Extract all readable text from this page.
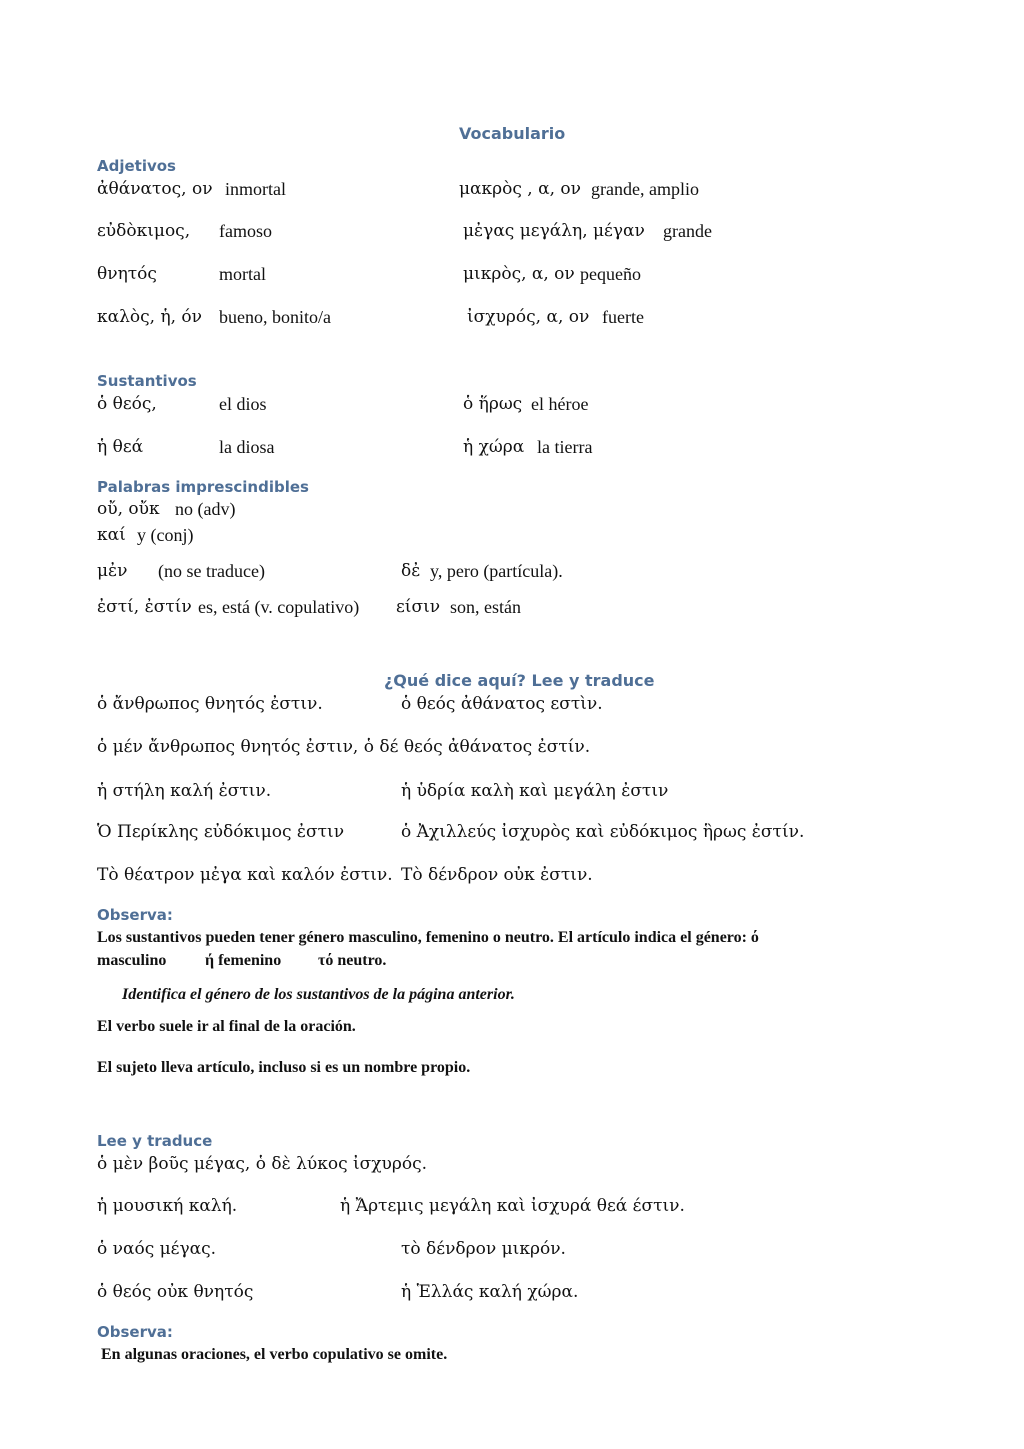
Vocabulario
Adjetivos
ἀθάνατος, ον inmortal	μακρὸς , α, ον grande, amplio
εὐδὸκιμος, famoso	μἐγας μεγάλη, μέγαν grande
θνητός	mortal	μικρὸς, α, ον pequeño
καλὸς, ἡ, όν bueno, bonito/a	ἰσχυρός, α, ον fuerte
Sustantivos
ὁ θεός,	el dios	ὁ ἥρως el héroe
ἡ θεά	la diosa	ἡ χώρα la tierra
Palabras imprescindibles
οὔ, οὔκ no (adv)
καί y (conj)
μἐν (no se traduce)	δἐ y, pero (partícula).
ἐστί, ἐστίν es, está (v. copulativo) είσιν son, están
¿Qué dice aquí? Lee y traduce
ὁ ἄνθρωπος θνητός ἐστιν.	ὁ θεός ἀθάνατος εστὶν.
ὁ μέν ἄνθρωπος θνητός ἐστιν, ὁ δέ θεός ἀθάνατος ἐστίν.
ἡ στήλη καλή ἐστιν.	ἡ ὑδρία καλὴ καὶ μεγάλη ἐστιν
Ὁ Περίκλης εὐδόκιμος ἐστιν	ὁ Ἀχιλλεύς ἰσχυρὸς καὶ εὐδόκιμος ἣρως ἐστίν.
Τὸ θέατρον μἐγα καὶ καλόν ἐστιν. Τὸ δένδρον οὐκ ἐστιν.
Observa:
Los sustantivos pueden tener género masculino, femenino o neutro. El artículo indica el género: ό
masculino ή femenino τό neutro.
Identifica el género de los sustantivos de la página anterior.
El verbo suele ir al final de la oración.
El sujeto lleva artículo, incluso si es un nombre propio.
Lee y traduce
ὁ μὲν βοῦς μέγας, ὁ δὲ λύκος ἰσχυρός.
ἡ μουσική καλή.	ἡ Ἄρτεμις μεγάλη καὶ ἰσχυρά θεά έστιν.
ὁ ναός μέγας.	τὸ δένδρον μικρόν.
ὁ θεός οὐκ θνητός	ἡ Ἑλλάς καλή χώρα.
Observa:
En algunas oraciones, el verbo copulativo se omite.
